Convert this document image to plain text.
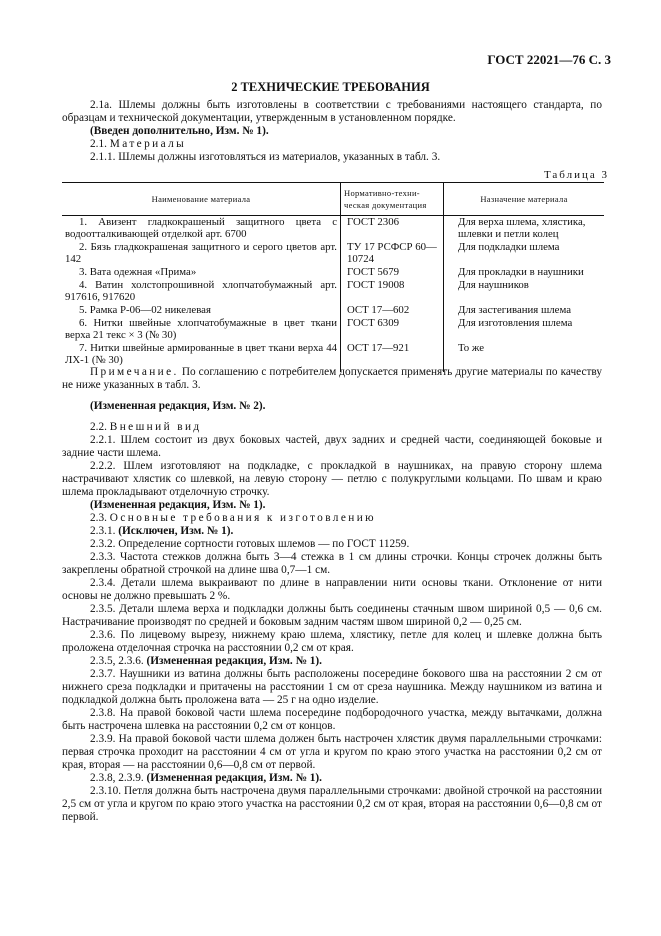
ГОСТ 22021—76 С. 3
2 ТЕХНИЧЕСКИЕ ТРЕБОВАНИЯ
2.1а. Шлемы должны быть изготовлены в соответствии с требованиями настоящего стандарта, по образцам и технической документации, утвержденным в установленном порядке.
(Введен дополнительно, Изм. № 1).
2.1. Материалы
2.1.1. Шлемы должны изготовляться из материалов, указанных в табл. 3.
Таблица 3
Наименование материала	Нормативно-техни-ческая документация	Назначение материала
1. Авизент гладкокрашеный защитного цвета с водоотталкивающей отделкой арт. 6700	ГОСТ 2306	Для верха шлема, хлястика, шлевки и петли колец
2. Бязь гладкокрашеная защитного и серого цветов арт. 142	ТУ 17 РСФСР 60—10724	Для подкладки шлема
3. Вата одежная «Прима»	ГОСТ 5679	Для прокладки в наушники
4. Ватин холстопрошивной хлопчатобумажный арт. 917616, 917620	ГОСТ 19008	Для наушников
5. Рамка Р-06—02 никелевая	ОСТ 17—602	Для застегивания шлема
6. Нитки швейные хлопчатобумажные в цвет ткани верха 21 текс × 3 (№ 30)	ГОСТ 6309	Для изготовления шлема
7. Нитки швейные армированные в цвет ткани верха 44 ЛХ-1 (№ 30)	ОСТ 17—921	То же
Примечание. По соглашению с потребителем допускается применять другие материалы по качеству не ниже указанных в табл. 3.
(Измененная редакция, Изм. № 2).
2.2. Внешний вид
2.2.1. Шлем состоит из двух боковых частей, двух задних и средней части, соединяющей боковые и задние части шлема.
2.2.2. Шлем изготовляют на подкладке, с прокладкой в наушниках, на правую сторону шлема настрачивают хлястик со шлевкой, на левую сторону — петлю с полукруглыми кольцами. По швам и краю шлема прокладывают отделочную строчку.
(Измененная редакция, Изм. № 1).
2.3. Основные требования к изготовлению
2.3.1. (Исключен, Изм. № 1).
2.3.2. Определение сортности готовых шлемов — по ГОСТ 11259.
2.3.3. Частота стежков должна быть 3—4 стежка в 1 см длины строчки. Концы строчек должны быть закреплены обратной строчкой на длине шва 0,7—1 см.
2.3.4. Детали шлема выкраивают по длине в направлении нити основы ткани. Отклонение от нити основы не должно превышать 2 %.
2.3.5. Детали шлема верха и подкладки должны быть соединены стачным швом шириной 0,5 — 0,6 см. Настрачивание производят по средней и боковым задним частям швом шириной 0,2 — 0,25 см.
2.3.6. По лицевому вырезу, нижнему краю шлема, хлястику, петле для колец и шлевке должна быть проложена отделочная строчка на расстоянии 0,2 см от края.
2.3.5, 2.3.6. (Измененная редакция, Изм. № 1).
2.3.7. Наушники из ватина должны быть расположены посередине бокового шва на расстоянии 2 см от нижнего среза подкладки и притачены на расстоянии 1 см от среза наушника. Между наушником из ватина и подкладкой должна быть проложена вата — 25 г на одно изделие.
2.3.8. На правой боковой части шлема посередине подбородочного участка, между вытачками, должна быть настрочена шлевка на расстоянии 0,2 см от концов.
2.3.9. На правой боковой части шлема должен быть настрочен хлястик двумя параллельными строчками: первая строчка проходит на расстоянии 4 см от угла и кругом по краю этого участка на расстоянии 0,2 см от края, вторая — на расстоянии 0,6—0,8 см от первой.
2.3.8, 2.3.9. (Измененная редакция, Изм. № 1).
2.3.10. Петля должна быть настрочена двумя параллельными строчками: двойной строчкой на расстоянии 2,5 см от угла и кругом по краю этого участка на расстоянии 0,2 см от края, вторая на расстоянии 0,6—0,8 см от первой.
